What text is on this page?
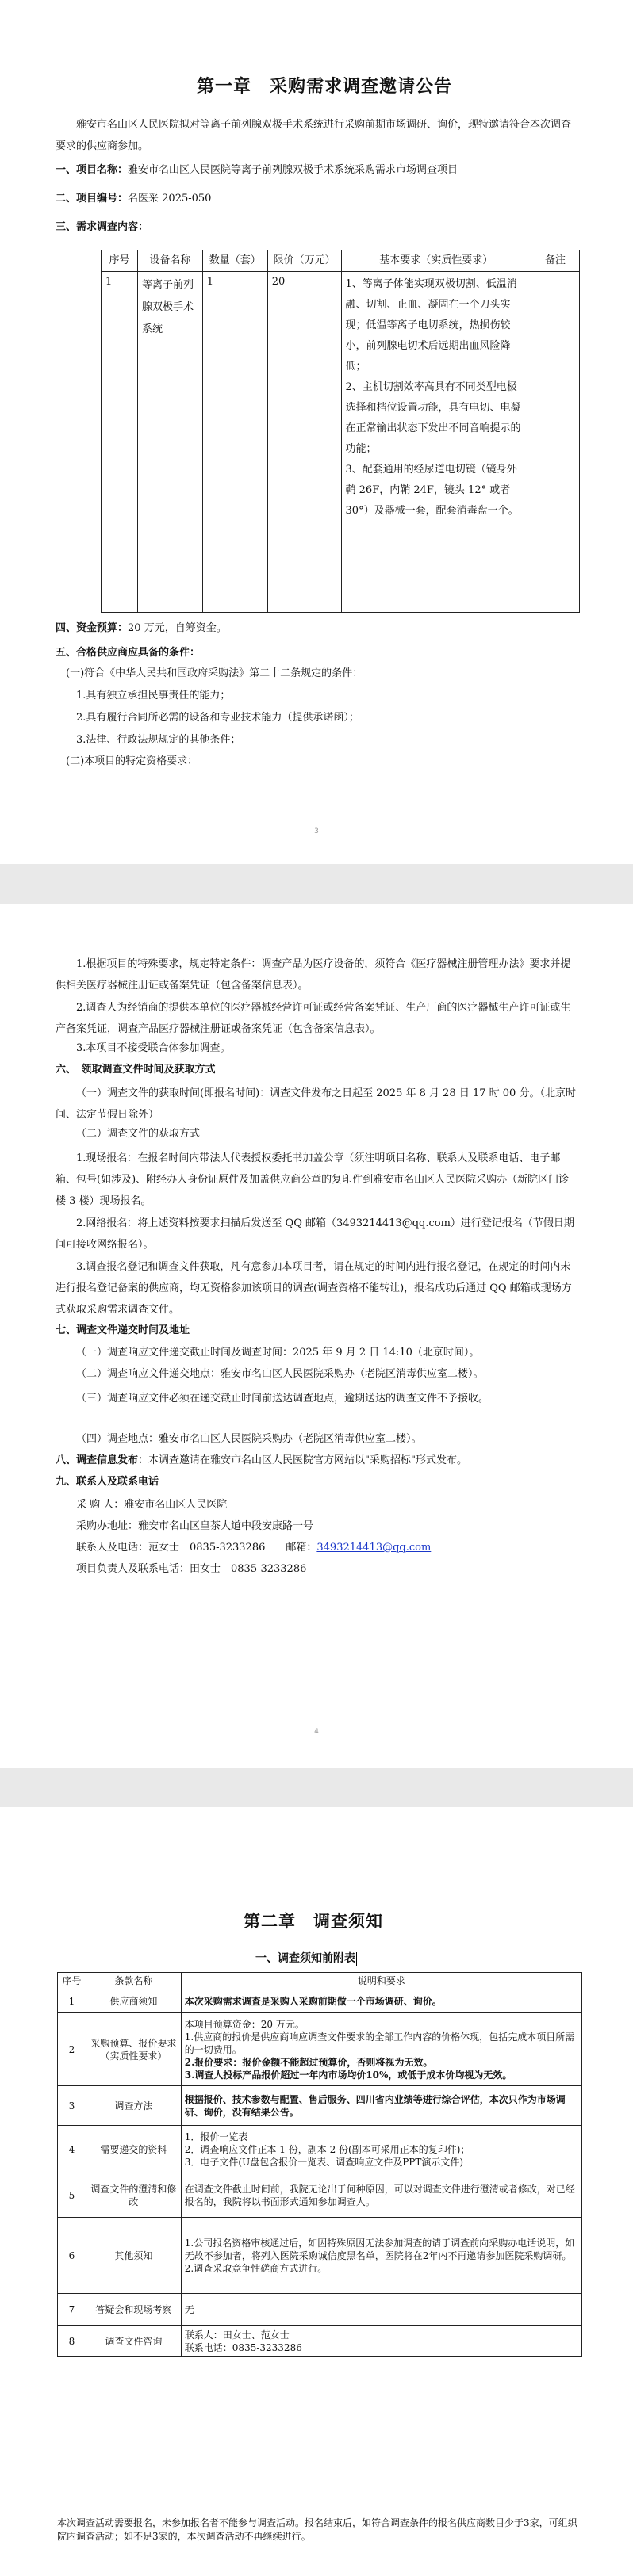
第一章　采购需求调查邀请公告
雅安市名山区人民医院拟对等离子前列腺双极手术系统进行采购前期市场调研、询价，现特邀请符合本次调查要求的供应商参加。
一、项目名称：雅安市名山区人民医院等离子前列腺双极手术系统采购需求市场调查项目
二、项目编号：名医采 2025-050
三、需求调查内容：
序号	设备名称	数量（套）	限价（万元）	基本要求（实质性要求）	备注
1	等离子前列腺双极手术系统	1	20	1、等离子体能实现双极切割、低温消融、切割、止血、凝固在一个刀头实现；低温等离子电切系统，热损伤较小，前列腺电切术后远期出血风险降低；
2、主机切割效率高具有不同类型电极选择和档位设置功能，具有电切、电凝在正常输出状态下发出不同音响提示的功能；
3、配套通用的经尿道电切镜（镜身外鞘 26F，内鞘 24F，镜头 12° 或者 30°）及器械一套，配套消毒盘一个。	
四、资金预算：20 万元，自筹资金。
五、合格供应商应具备的条件：
(一)符合《中华人民共和国政府采购法》第二十二条规定的条件：
1.具有独立承担民事责任的能力；
2.具有履行合同所必需的设备和专业技术能力（提供承诺函）；
3.法律、行政法规规定的其他条件；
(二)本项目的特定资格要求：
3
1.根据项目的特殊要求，规定特定条件：调查产品为医疗设备的，须符合《医疗器械注册管理办法》要求并提供相关医疗器械注册证或备案凭证（包含备案信息表）。
2.调查人为经销商的提供本单位的医疗器械经营许可证或经营备案凭证、生产厂商的医疗器械生产许可证或生产备案凭证，调查产品医疗器械注册证或备案凭证（包含备案信息表）。
3.本项目不接受联合体参加调查。
六、　领取调查文件时间及获取方式
（一）调查文件的获取时间(即报名时间)：调查文件发布之日起至 2025 年 8 月 28 日 17 时 00 分。（北京时间、法定节假日除外）
（二）调查文件的获取方式
1.现场报名：在报名时间内带法人代表授权委托书加盖公章（须注明项目名称、联系人及联系电话、电子邮箱、包号(如涉及)、附经办人身份证原件及加盖供应商公章的复印件到雅安市名山区人民医院采购办（新院区门诊楼 3 楼）现场报名。
2.网络报名：将上述资料按要求扫描后发送至 QQ 邮箱（3493214413@qq.com）进行登记报名（节假日期间可接收网络报名）。
3.调查报名登记和调查文件获取，凡有意参加本项目者，请在规定的时间内进行报名登记，在规定的时间内未进行报名登记备案的供应商，均无资格参加该项目的调查(调查资格不能转让)，报名成功后通过 QQ 邮箱或现场方式获取采购需求调查文件。
七、调查文件递交时间及地址
（一）调查响应文件递交截止时间及调查时间：2025 年 9 月 2 日 14:10（北京时间）。
（二）调查响应文件递交地点：雅安市名山区人民医院采购办（老院区消毒供应室二楼）。
（三）调查响应文件必须在递交截止时间前送达调查地点，逾期送达的调查文件不予接收。
（四）调查地点：雅安市名山区人民医院采购办（老院区消毒供应室二楼）。
八、调查信息发布：本调查邀请在雅安市名山区人民医院官方网站以"采购招标"形式发布。
九、联系人及联系电话
采 购 人：雅安市名山区人民医院
采购办地址：雅安市名山区皇茶大道中段安康路一号
联系人及电话：范女士　0835-3233286　　邮箱：3493214413@qq.com
项目负责人及联系电话：田女士　0835-3233286
4
第二章　调查须知
一、调查须知前附表
序号	条款名称	说明和要求
1	供应商须知	本次采购需求调查是采购人采购前期做一个市场调研、询价。
2	采购预算、报价要求（实质性要求）	本项目预算资金：20 万元。
1.供应商的报价是供应商响应调查文件要求的全部工作内容的价格体现，包括完成本项目所需的一切费用。
2.报价要求：报价金额不能超过预算价，否则将视为无效。
3.调查人投标产品报价超过一年内市场均价10%，或低于成本价均视为无效。

3	调查方法	根据报价、技术参数与配置、售后服务、四川省内业绩等进行综合评估，本次只作为市场调研、询价，没有结果公告。
4	需要递交的资料	1．报价一览表
2．调查响应文件正本 1 份，副本 2 份(副本可采用正本的复印件)；
3．电子文件(U盘包含报价一览表、调查响应文件及PPT演示文件)

5	调查文件的澄清和修改	在调查文件截止时间前，我院无论出于何种原因，可以对调查文件进行澄清或者修改，对已经报名的，我院将以书面形式通知参加调查人。
6	其他须知	1.公司报名资格审核通过后，如因特殊原因无法参加调查的请于调查前向采购办电话说明，如无故不参加者，将列入医院采购诚信度黑名单，医院将在2年内不再邀请参加医院采购调研。
2.调查采取竞争性磋商方式进行。
7	答疑会和现场考察	无
8	调查文件咨询	联系人：田女士、范女士
联系电话：0835-3233286
本次调查活动需要报名，未参加报名者不能参与调查活动。报名结束后，如符合调查条件的报名供应商数目少于3家，可组织院内调查活动；如不足3家的，本次调查活动不再继续进行。
